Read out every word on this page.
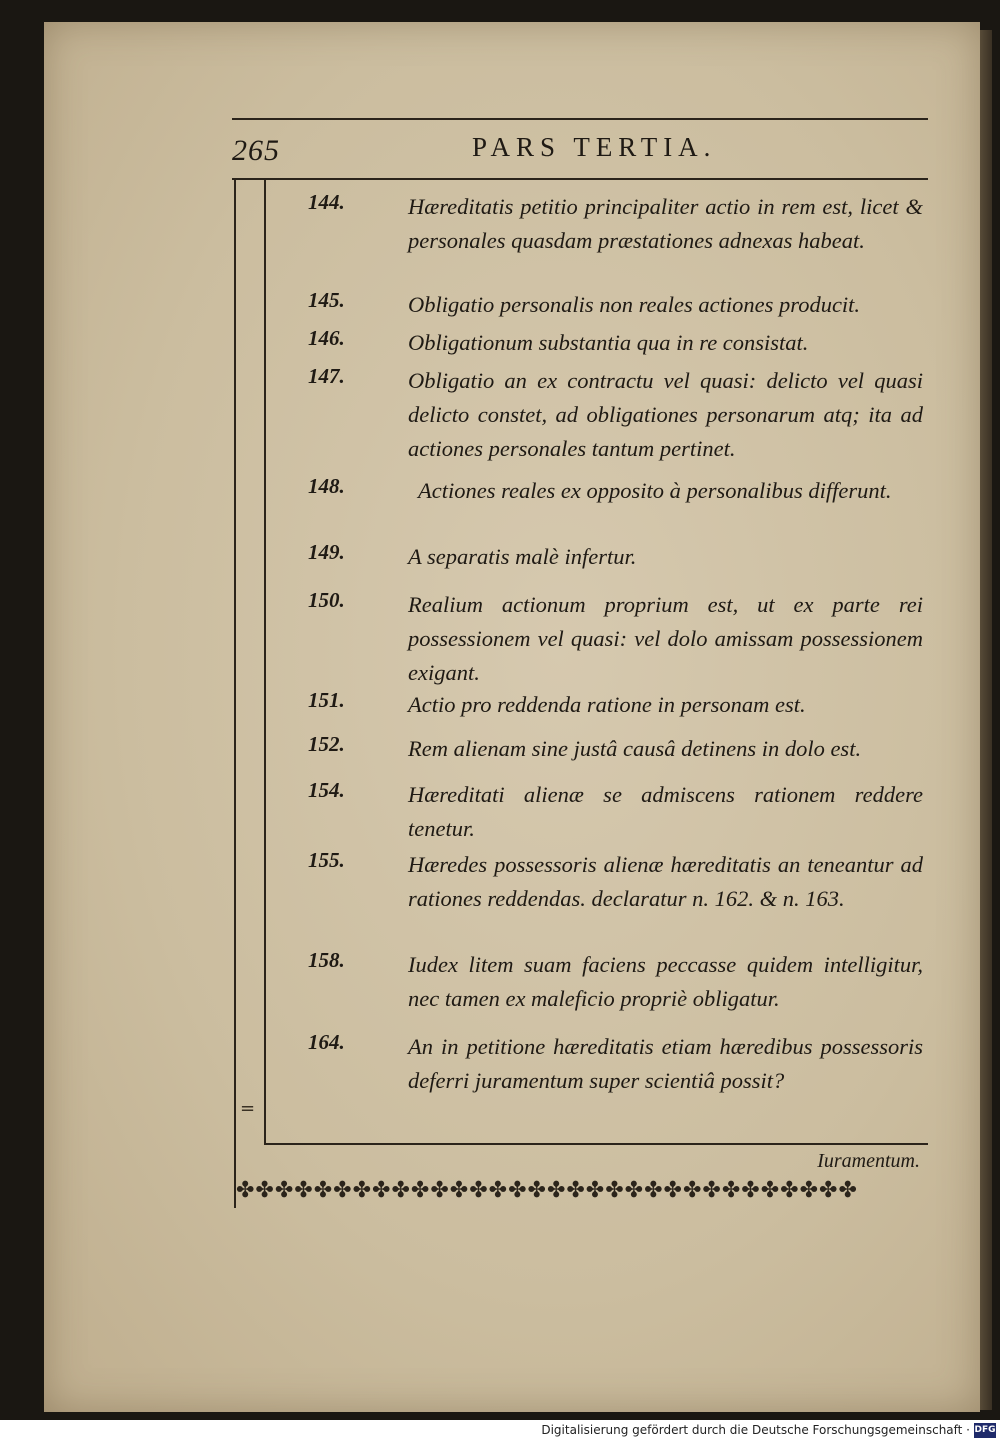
265	PARS TERTIA.
144.	Hæreditatis petitio principaliter actio in rem est, licet & personales quasdam præstationes adnexas habeat.
145.	Obligatio personalis non reales actiones producit.
146.	Obligationum substantia qua in re consistat.
147.	Obligatio an ex contractu vel quasi: delicto vel quasi delicto constet, ad obligationes personarum atq; ita ad actiones personales tantum pertinet.
148.	Actiones reales ex opposito à personalibus differunt.
149.	A separatis malè infertur.
150.	Realium actionum proprium est, ut ex parte rei possessionem vel quasi: vel dolo amissam possessionem exigant.
151.	Actio pro reddenda ratione in personam est.
152.	Rem alienam sine justâ causâ detinens in dolo est.
154.	Hæreditati alienæ se admiscens rationem reddere tenetur.
155.	Hæredes possessoris alienæ hæreditatis an teneantur ad rationes reddendas. declaratur n. 162. & n. 163.
158.	Iudex litem suam faciens peccasse quidem intelligitur, nec tamen ex maleficio propriè obligatur.
164.	An in petitione hæreditatis etiam hæredibus possessoris deferri juramentum super scientiâ possit?
=
Iuramentum.
✤✤✤✤✤✤✤✤✤✤✤✤✤✤✤✤✤✤✤✤✤✤✤✤✤✤✤✤✤✤✤✤
Digitalisierung gefördert durch die Deutsche Forschungsgemeinschaft · DFG
